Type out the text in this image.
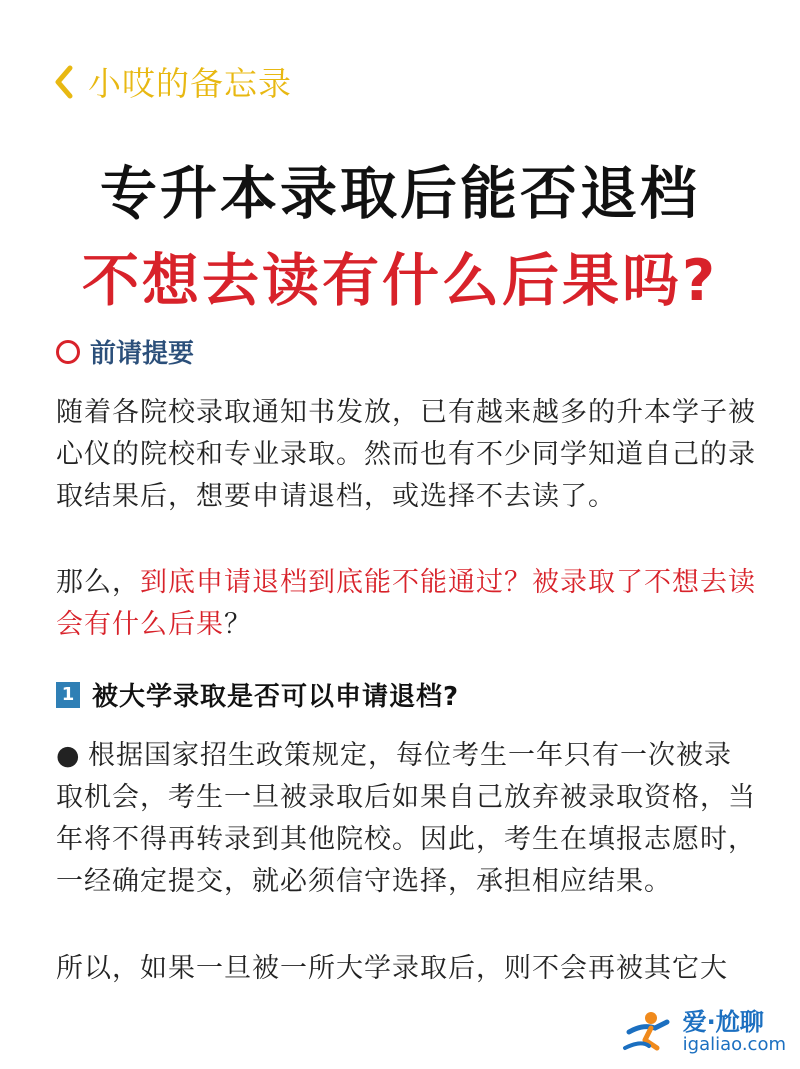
小哎的备忘录
专升本录取后能否退档
不想去读有什么后果吗?
前请提要
随着各院校录取通知书发放，已有越来越多的升本学子被心仪的院校和专业录取。然而也有不少同学知道自己的录取结果后，想要申请退档，或选择不去读了。
那么，到底申请退档到底能不能通过？被录取了不想去读会有什么后果？
1 被大学录取是否可以申请退档?
● 根据国家招生政策规定，每位考生一年只有一次被录取机会，考生一旦被录取后如果自己放弃被录取资格，当年将不得再转录到其他院校。因此，考生在填报志愿时，一经确定提交，就必须信守选择，承担相应结果。
所以，如果一旦被一所大学录取后，则不会再被其它大
爱·尬聊
igaliao.com
